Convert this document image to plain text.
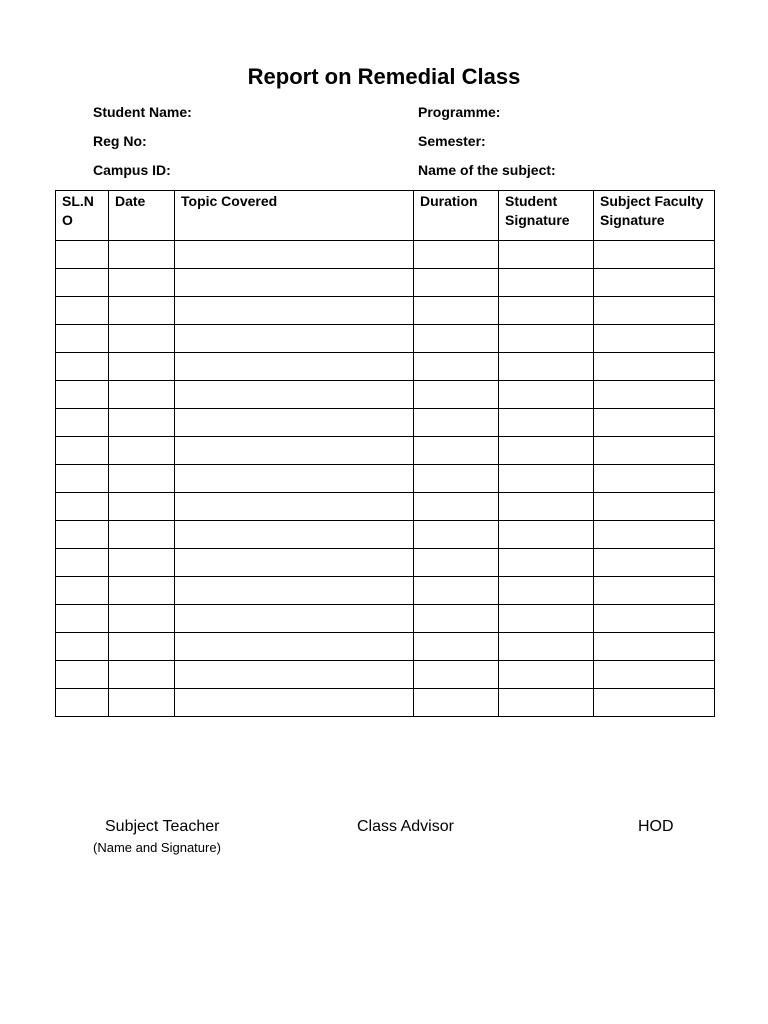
Report on Remedial Class
Student Name:	Programme:
Reg No:	Semester:
Campus ID:	Name of the subject:
SL.N O	Date	Topic Covered	Duration	Student Signature	Subject Faculty Signature

Subject Teacher
(Name and Signature)
Class Advisor	HOD
